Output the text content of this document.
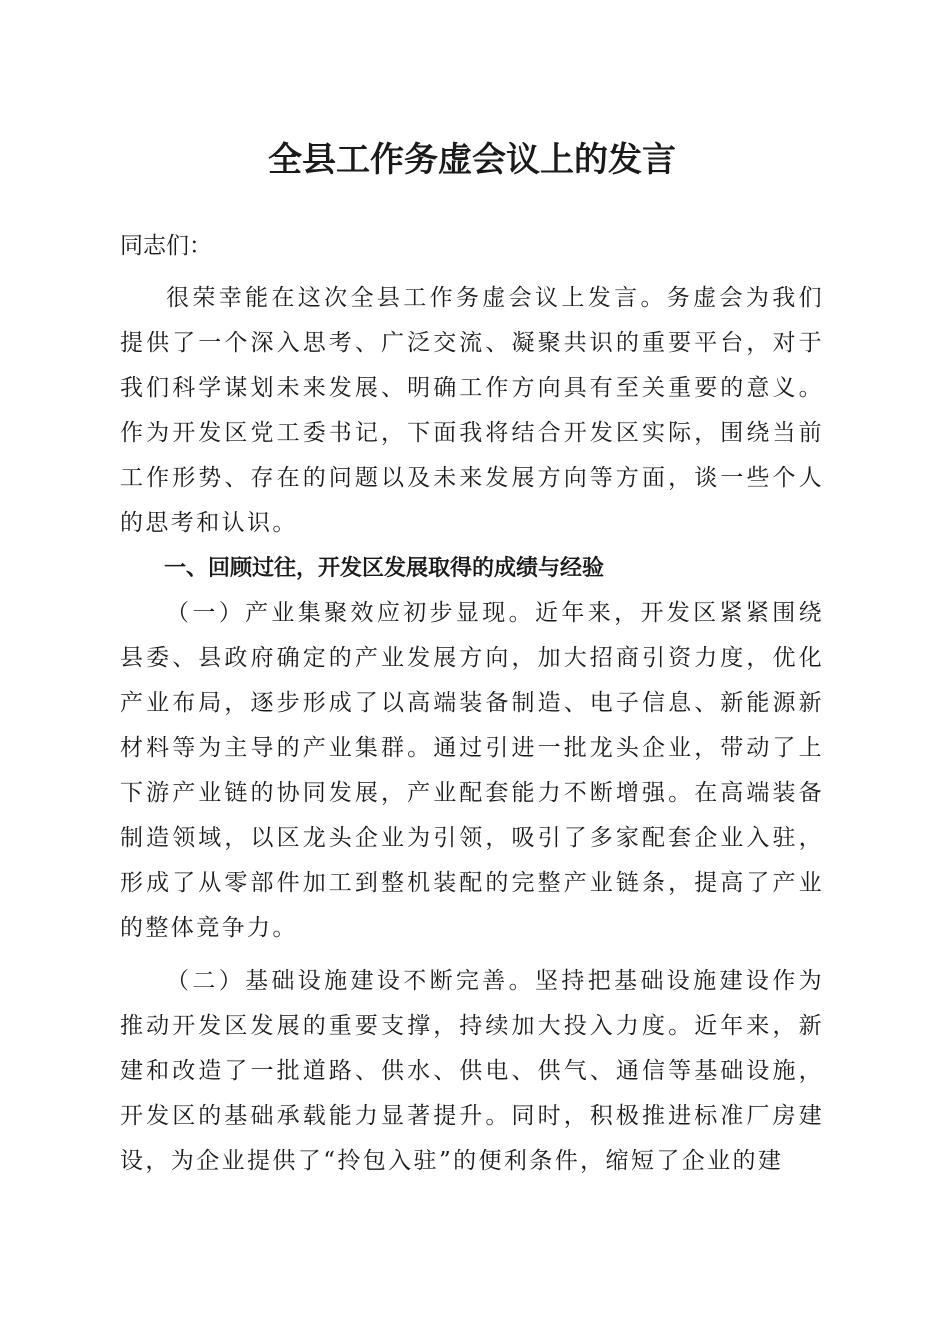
全县工作务虚会议上的发言

同志们：

很荣幸能在这次全县工作务虚会议上发言。务虚会为我们提供了一个深入思考、广泛交流、凝聚共识的重要平台，对于我们科学谋划未来发展、明确工作方向具有至关重要的意义。作为开发区党工委书记，下面我将结合开发区实际，围绕当前工作形势、存在的问题以及未来发展方向等方面，谈一些个人的思考和认识。

一、回顾过往，开发区发展取得的成绩与经验

（一）产业集聚效应初步显现。近年来，开发区紧紧围绕县委、县政府确定的产业发展方向，加大招商引资力度，优化产业布局，逐步形成了以高端装备制造、电子信息、新能源新材料等为主导的产业集群。通过引进一批龙头企业，带动了上下游产业链的协同发展，产业配套能力不断增强。在高端装备制造领域，以区龙头企业为引领，吸引了多家配套企业入驻，形成了从零部件加工到整机装配的完整产业链条，提高了产业的整体竞争力。

（二）基础设施建设不断完善。坚持把基础设施建设作为推动开发区发展的重要支撑，持续加大投入力度。近年来，新建和改造了一批道路、供水、供电、供气、通信等基础设施，开发区的基础承载能力显著提升。同时，积极推进标准厂房建设，为企业提供了“拎包入驻”的便利条件，缩短了企业的建
